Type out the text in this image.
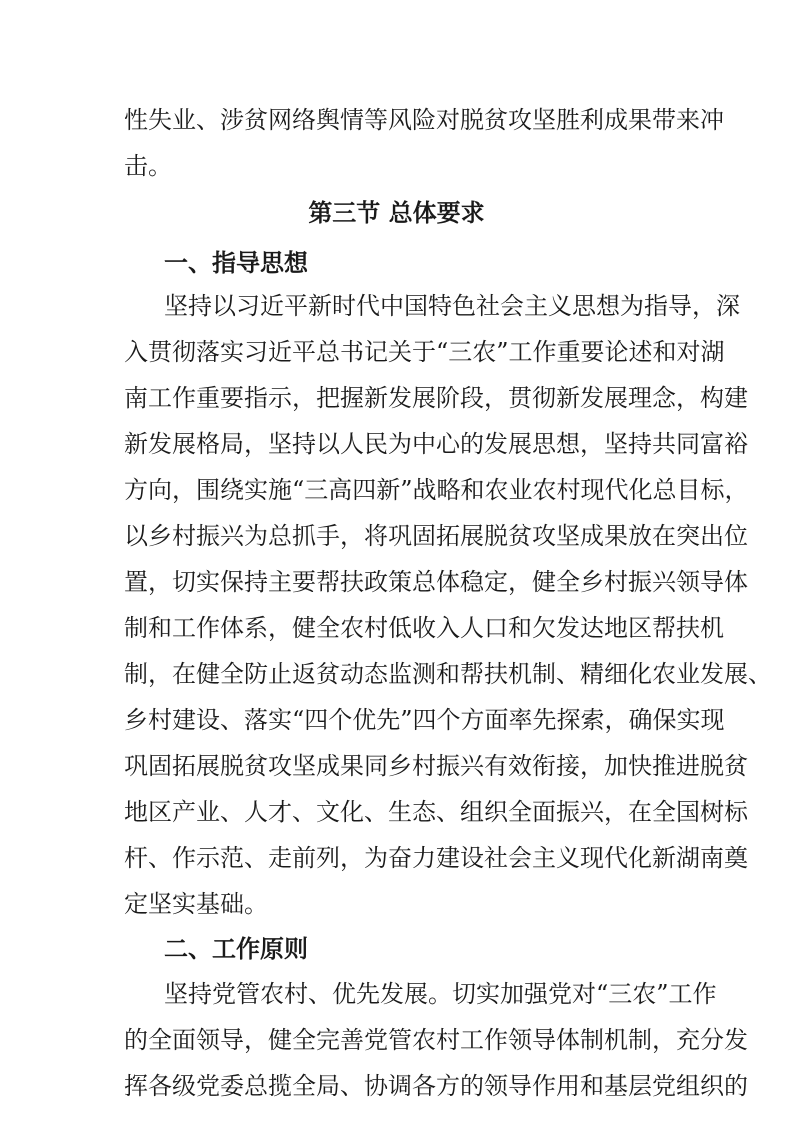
性失业、涉贫网络舆情等风险对脱贫攻坚胜利成果带来冲
击。
第三节 总体要求
一、指导思想
坚持以习近平新时代中国特色社会主义思想为指导，深
入贯彻落实习近平总书记关于“三农”工作重要论述和对湖
南工作重要指示，把握新发展阶段，贯彻新发展理念，构建
新发展格局，坚持以人民为中心的发展思想，坚持共同富裕
方向，围绕实施“三高四新”战略和农业农村现代化总目标，
以乡村振兴为总抓手，将巩固拓展脱贫攻坚成果放在突出位
置，切实保持主要帮扶政策总体稳定，健全乡村振兴领导体
制和工作体系，健全农村低收入人口和欠发达地区帮扶机
制，在健全防止返贫动态监测和帮扶机制、精细化农业发展、
乡村建设、落实“四个优先”四个方面率先探索，确保实现
巩固拓展脱贫攻坚成果同乡村振兴有效衔接，加快推进脱贫
地区产业、人才、文化、生态、组织全面振兴，在全国树标
杆、作示范、走前列，为奋力建设社会主义现代化新湖南奠
定坚实基础。
二、工作原则
坚持党管农村、优先发展。切实加强党对“三农”工作
的全面领导，健全完善党管农村工作领导体制机制，充分发
挥各级党委总揽全局、协调各方的领导作用和基层党组织的
